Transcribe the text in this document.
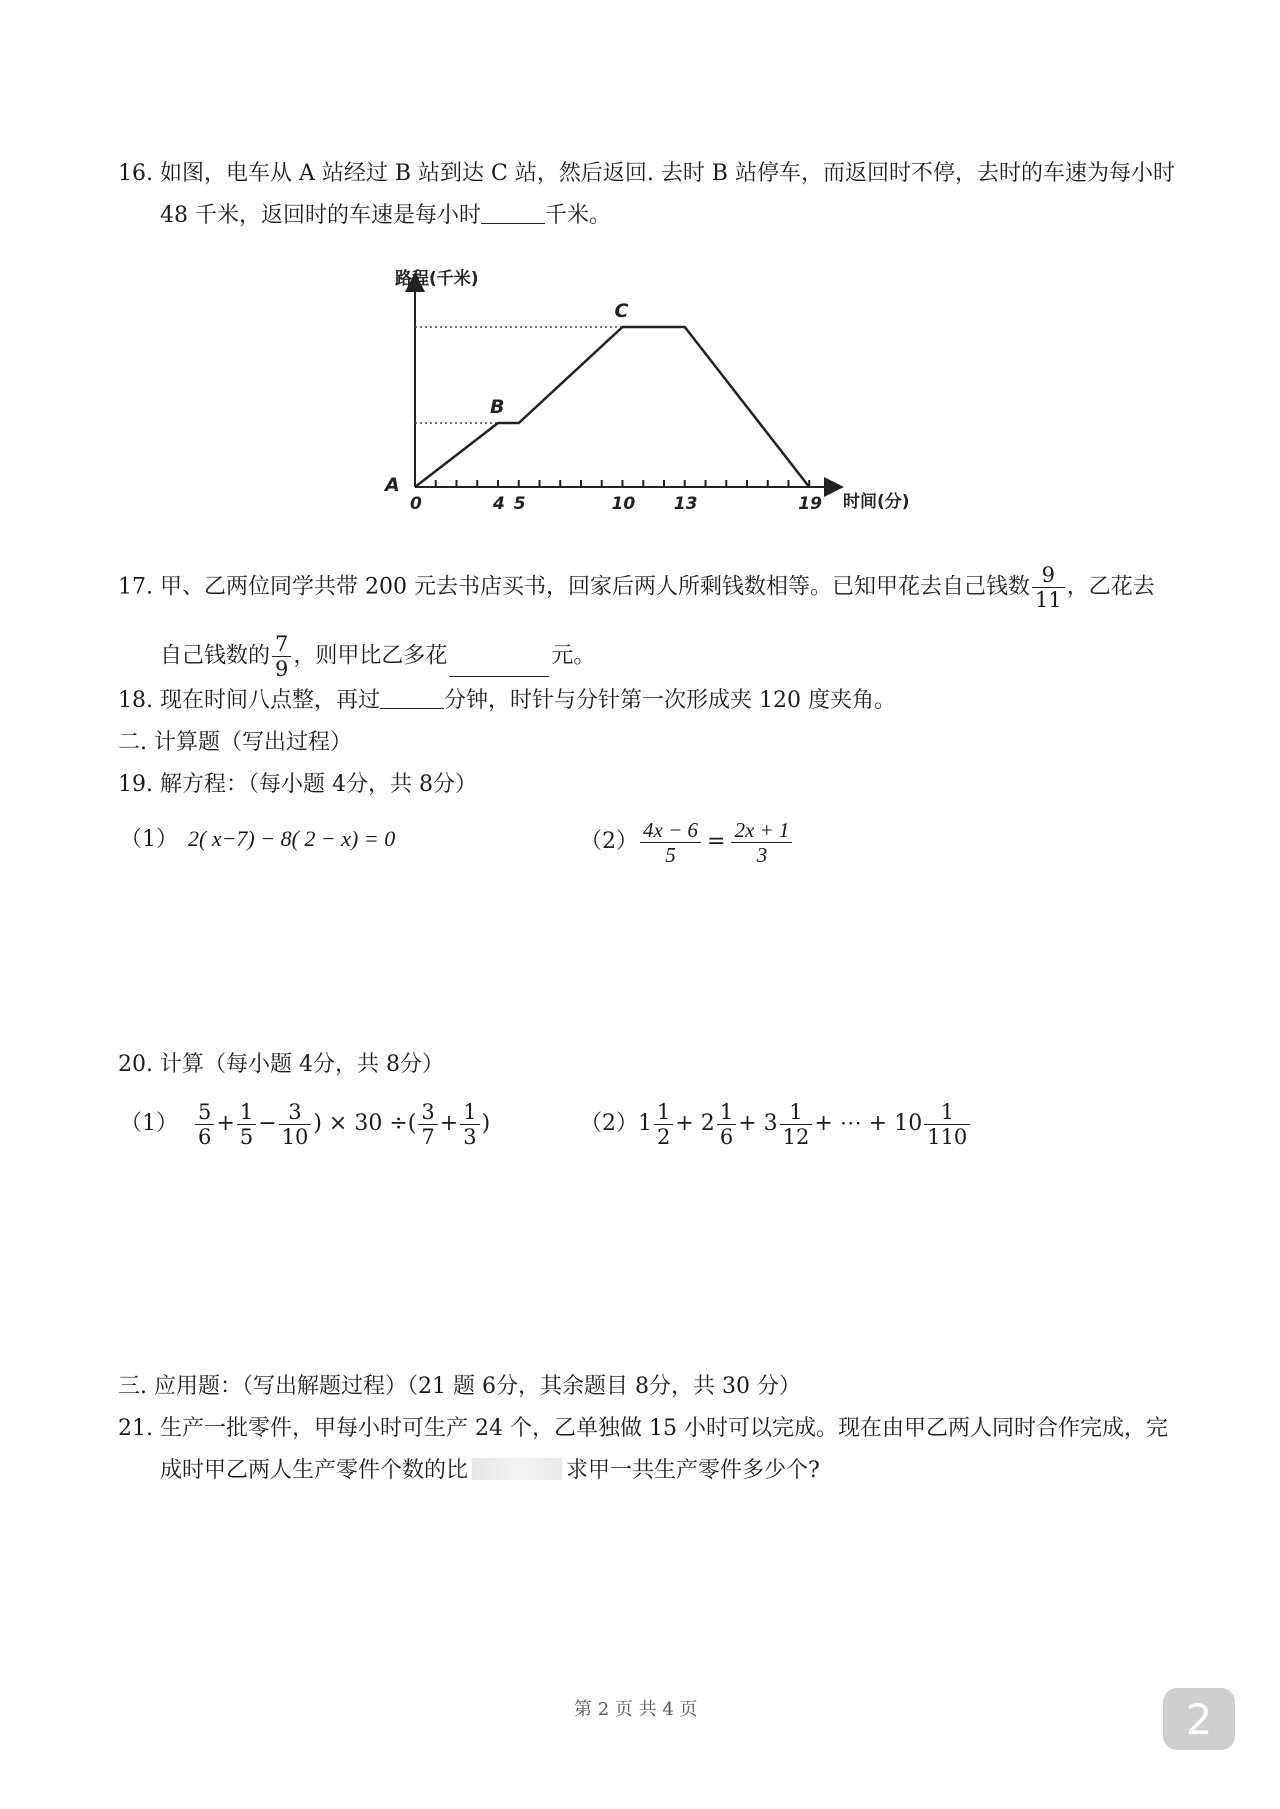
16. 如图，电车从 A 站经过 B 站到达 C 站，然后返回. 去时 B 站停车，而返回时不停，去时的车速为每小时
48 千米，返回时的车速是每小时	千米。
路程(千米)
时间(分)
0	4 5	10 13	19
A
B
C
17. 甲、乙两位同学共带 200 元去书店买书，回家后两人所剩钱数相等。已知甲花去自己钱数 $\frac{9}{11}$ ，乙花去
自己钱数的 $\frac{7}{9}$ ，则甲比乙多花	元。
18. 现在时间八点整，再过	分钟，时针与分针第一次形成夹 120 度夹角。
二. 计算题（写出过程）
19. 解方程：（每小题 4分，共 8分）
（1） 2( x−7) − 8( 2 − x) = 0	$(2) \frac{4x - 6}{5} = \frac{2x + 1}{3}$
20. 计算（每小题 4分，共 8分）
$(1) \frac{5}{6} + \frac{1}{5} - \frac{3}{10}$ ) × 30 ÷( $\frac{3}{7} + \frac{1}{3}$ )	$(2)1 \frac{1}{2} + 2 \frac{1}{6} + 3 \frac{1}{12}$ + ⋯ + $10 \frac{1}{110}$
三. 应用题：（写出解题过程）（21 题 6分，其余题目 8分，共 30 分）
21. 生产一批零件，甲每小时可生产 24 个，乙单独做 15 小时可以完成。现在由甲乙两人同时合作完成，完
成时甲乙两人生产零件个数的比	求甲一共生产零件多少个?
第 2 页 共 4 页	2
